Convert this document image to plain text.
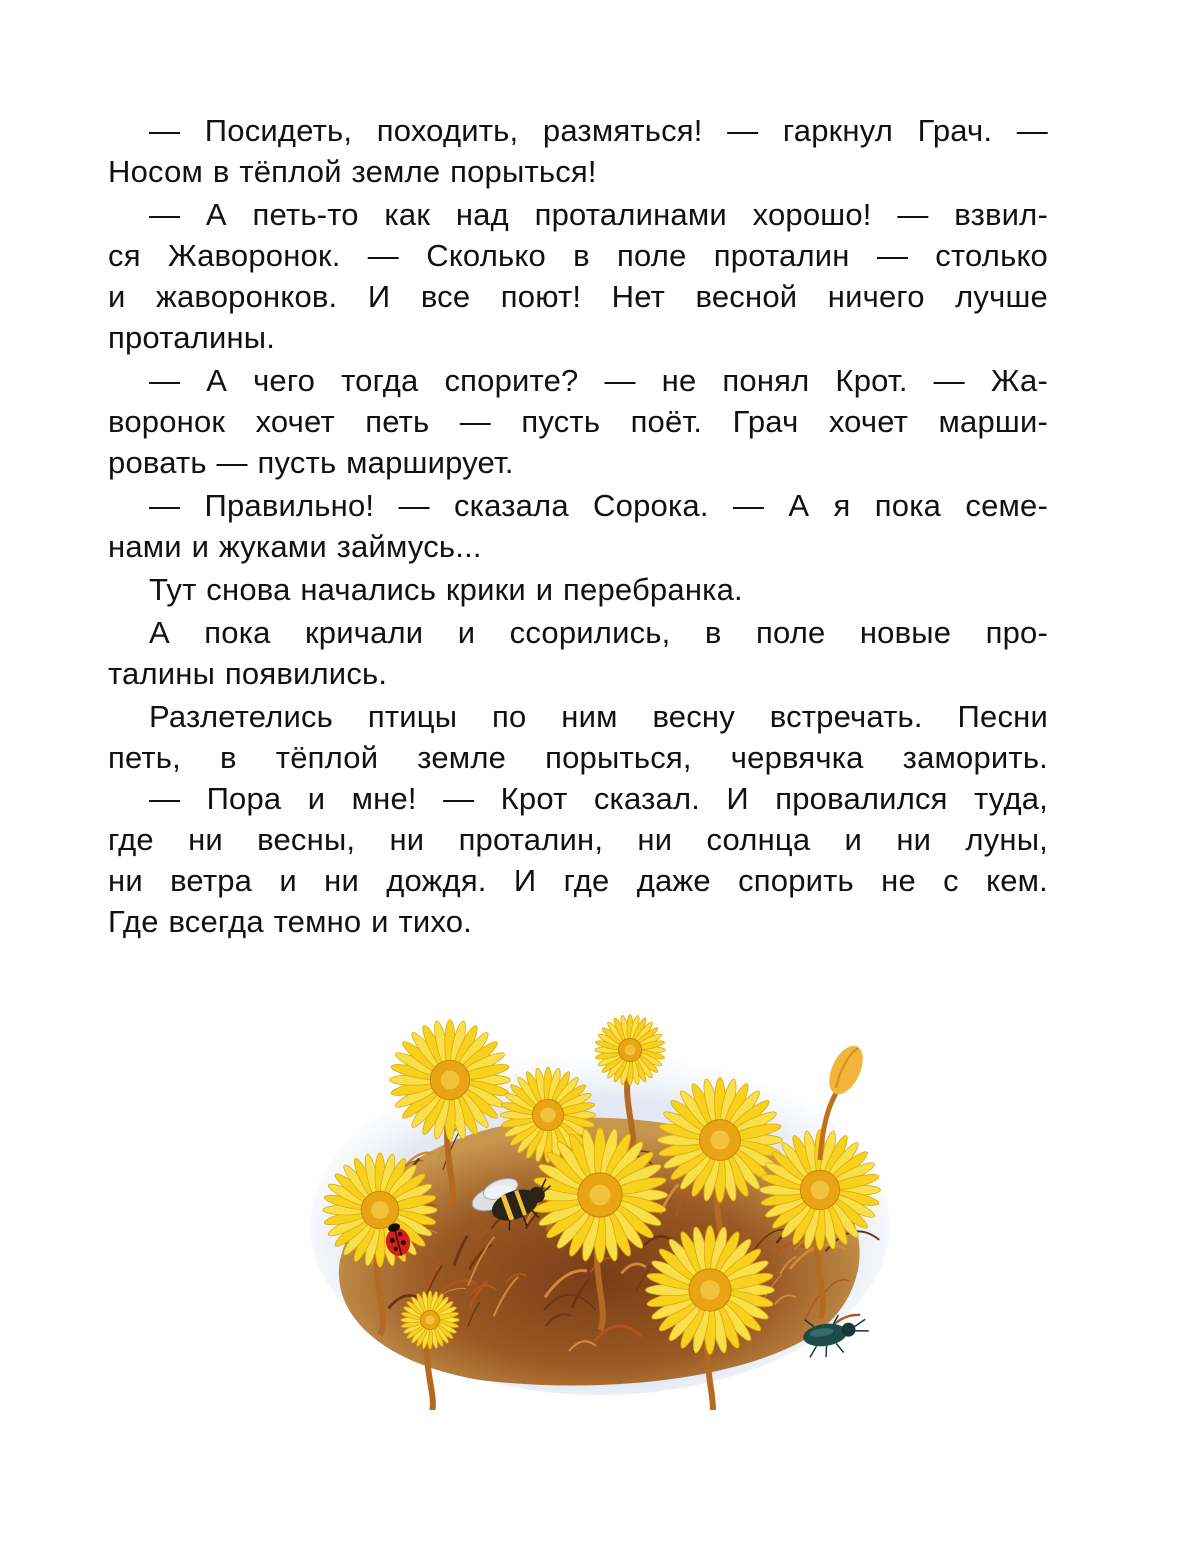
— Посидеть, походить, размяться! — гаркнул Грач. —
Носом в тёплой земле порыться!
— А петь-то как над проталинами хорошо! — взвил-
ся Жаворонок. — Сколько в поле проталин — столько
и жаворонков. И все поют! Нет весной ничего лучше
проталины.
— А чего тогда спорите? — не понял Крот. — Жа-
воронок хочет петь — пусть поёт. Грач хочет марши-
ровать — пусть марширует.
— Правильно! — сказала Сорока. — А я пока семе-
нами и жуками займусь...
Тут снова начались крики и перебранка.
А пока кричали и ссорились, в поле новые про-
талины появились.
Разлетелись птицы по ним весну встречать. Песни
петь, в тёплой земле порыться, червячка заморить.
— Пора и мне! — Крот сказал. И провалился туда,
где ни весны, ни проталин, ни солнца и ни луны,
ни ветра и ни дождя. И где даже спорить не с кем.
Где всегда темно и тихо.
